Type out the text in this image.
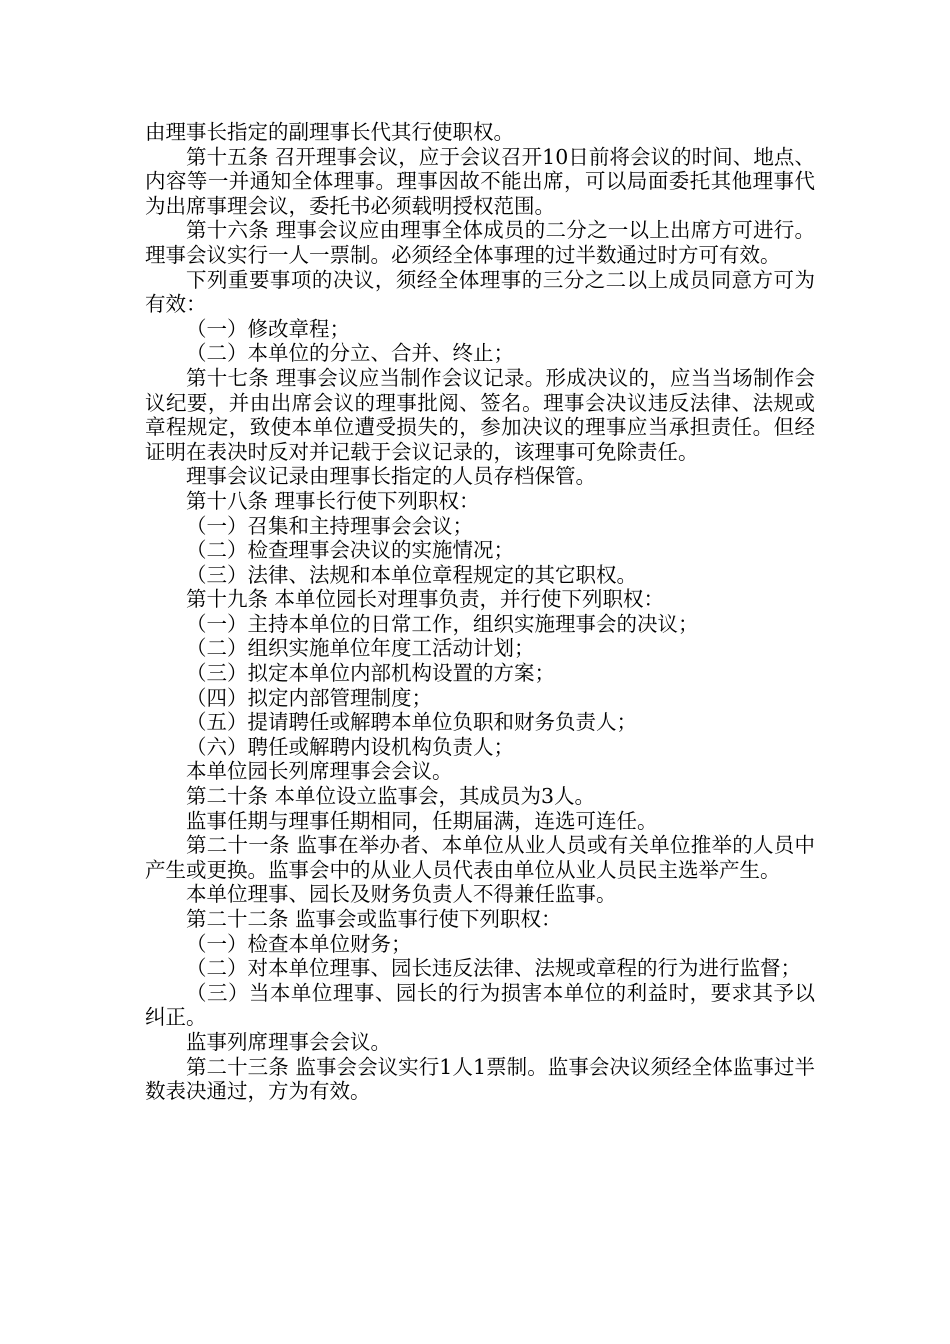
由理事长指定的副理事长代其行使职权。

第十五条 召开理事会议，应于会议召开10日前将会议的时间、地点、内容等一并通知全体理事。理事因故不能出席，可以局面委托其他理事代为出席事理会议，委托书必须载明授权范围。

第十六条 理事会议应由理事全体成员的二分之一以上出席方可进行。理事会议实行一人一票制。必须经全体事理的过半数通过时方可有效。

下列重要事项的决议，须经全体理事的三分之二以上成员同意方可为有效：

（一）修改章程；

（二）本单位的分立、合并、终止；

第十七条 理事会议应当制作会议记录。形成决议的，应当当场制作会议纪要，并由出席会议的理事批阅、签名。理事会决议违反法律、法规或章程规定，致使本单位遭受损失的，参加决议的理事应当承担责任。但经证明在表决时反对并记载于会议记录的，该理事可免除责任。

理事会议记录由理事长指定的人员存档保管。

第十八条 理事长行使下列职权：

（一）召集和主持理事会会议；

（二）检查理事会决议的实施情况；

（三）法律、法规和本单位章程规定的其它职权。

第十九条 本单位园长对理事负责，并行使下列职权：

（一）主持本单位的日常工作，组织实施理事会的决议；

（二）组织实施单位年度工活动计划；

（三）拟定本单位内部机构设置的方案；

（四）拟定内部管理制度；

（五）提请聘任或解聘本单位负职和财务负责人；

（六）聘任或解聘内设机构负责人；

本单位园长列席理事会会议。

第二十条 本单位设立监事会，其成员为3人。

监事任期与理事任期相同，任期届满，连选可连任。

第二十一条 监事在举办者、本单位从业人员或有关单位推举的人员中产生或更换。监事会中的从业人员代表由单位从业人员民主选举产生。

本单位理事、园长及财务负责人不得兼任监事。

第二十二条 监事会或监事行使下列职权：

（一）检查本单位财务；

（二）对本单位理事、园长违反法律、法规或章程的行为进行监督；

（三）当本单位理事、园长的行为损害本单位的利益时，要求其予以纠正。

监事列席理事会会议。

第二十三条 监事会会议实行1人1票制。监事会决议须经全体监事过半数表决通过，方为有效。
